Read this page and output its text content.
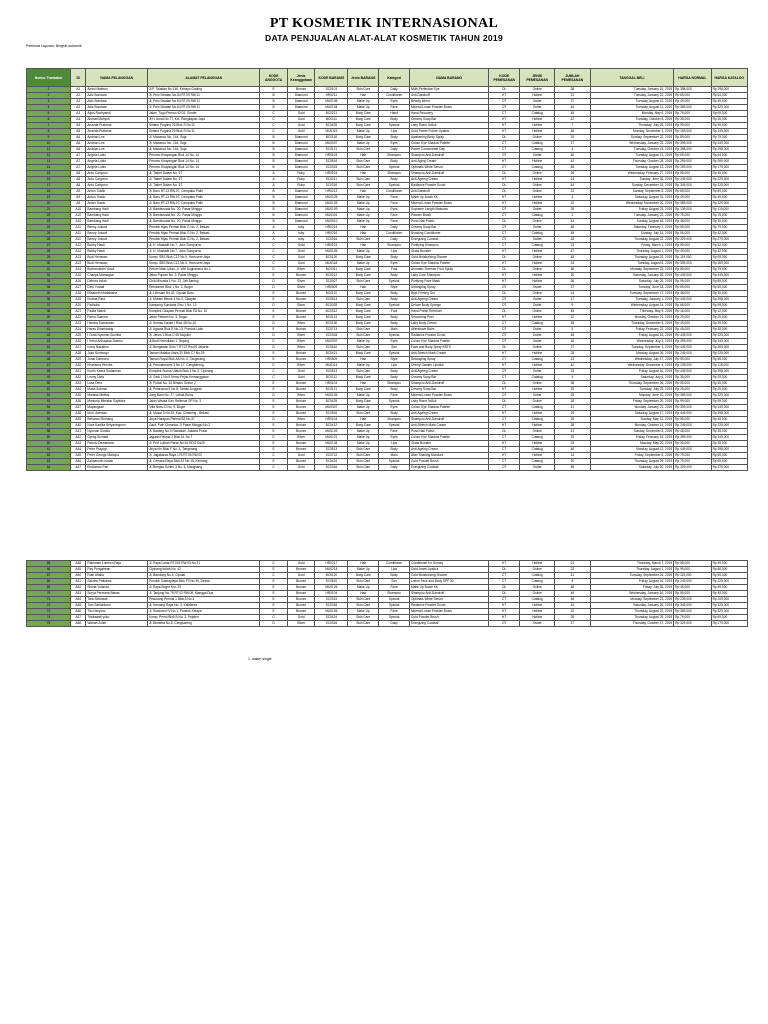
PT KOSMETIK INTERNASIONAL
DATA PENJUALAN ALAT-ALAT KOSMETIK TAHUN 2019
Pembuat Laporan: Ningsih sukarnik
Nomor Transaksi	ID	NAMA PELANGGAN	ALAMAT PELANGGAN	KODE ANGGOTA	Jenis Keanggotaan	KODE BARANG	Jenis BARANG	Kategori	NAMA BARANG	KODE PEMESANAN	JENIS PEMESANAN	JUMLAH PEMESANAN	TANGGAL BELI	HARGA NORMAL	HARGA KATALOG
1	A1	Abdul Malmun	Jl.P. Teladan No.146, Kebayo Gading	E	Bronze	SC0101	Skin Core	Daily	Multi-Perfection Eye	OL	Online	38	Tuesday, January 15, 2019	Rp 398,000	Rp 298,000
2	A2	Adiz Bondara	Jl. Pelo Selatan No.84 RT.09 RW.11	B	Diamond	HR0211	Hair	Conditioner	Anti-Dandruff	HT	Hotline	31	Tuesday, January 22, 2019	Rp 69,000	Rp 64,000
3	A2	Adiz Bondara	Jl. Pelo Selatan No.84 RT.09 RW.11	B	Diamond	MU0106	Make Up	Eyes	Beauty Mirror	OT	Outlet	37	Tuesday, August 11, 2020	Rp 49,000	Rp 49,000
4	A2	Adiz Bondara	Jl. Pelo Selatan No.84 RT.09 RW.11	B	Diamond	MU0104	Make Up	Face	Mineral Loose Powder Brush	OT	Outlet	44	Tuesday, August 11, 2020	Rp 389,000	Rp 329,000
5	A3	Agus Rochyandi	Jalan, Tugu Pemoo 92/31, Sunter	C	Gold	BC0211	Body Care	Hand	Hand Recovery	CT	Catalog	45	Monday, May 6, 2019	Rp 79,000	Rp 69,000
6	A4	Ahmad Mahyuri	Jl.H. Amat No.77, Kel. Rangkapan Jaya	C	Gold	BC0111	Body Care	Body	Creamy Soap Bar	HT	Hotline	42	Tuesday, October 8, 2019	Rp 35,000	Rp 35,000
7	A5	Ananda Pratama	Setiaru Pugaha 25 Blok S No.11	C	Gold	BC0425	Body Care	Special	Lady Razor 5x5ck	HT	Hotline	7	Thursday, July 25, 2019	Rp 99,000	Rp 99,000
8	A5	Ananda Pratama	Setiaru Pugaha 25 Blok S No.11	C	Gold	MU0119	Make Up	Lips	Gold Power Future Lipstick	HT	Hotline	46	Monday, December 2, 2019	Rp 159,000	Rp 149,000
9	A6	Andrian Lee	Jl. Mabanco No. 144, Soja	B	Diamond	BC0116	Body Care	Body	Awakening Body Spray	OL	Online	19	Sunday, September 22, 2019	Rp 89,000	Rp 79,000
10	A6	Andrian Lee	Jl. Mabanco No. 144, Soja	B	Diamond	MU0007	Make Up	Eyes	Colour Eye Shadow Palette	CT	Catalog	17	Wednesday, January 23, 2019	Rp 399,000	Rp 349,000
11	A6	Andrian Lee	Jl. Mabanco No. 144, Soja	B	Diamond	SC0121	Skin Core	Daily	Power Concentrate Day	CT	Catalog	4	Tuesday, October 15, 2019	Rp 398,000	Rp 298,000
12	A7	Angela Lubis	Perumo Khayangan Blok 14 No. 14	B	Diamond	HR0104	Hair	Shampoo	Shampoo Anti-Dandruff	OT	Outlet	40	Tuesday, August 13, 2019	Rp 69,000	Rp 64,000
13	A7	Angela Lubis	Perumo Khayangan Blok 14 No. 14	B	Diamond	SC0516	Skin Care	Body	Anti-Aging Cream	HT	Hotline	42	Thursday, October 28, 2019	Rp 299,000	Rp 269,000
14	A7	Angela Lubis	Perumo Khayangan Blok 14 No. 14	B	Diamond	SC0315	Skin Care	Special	Optimals White Serum	CT	Catalog	48	Tuesday, August 13, 2019	Rp 199,000	Rp 179,000
15	A8	Anto Cahyono	Jl. Tiabet Dalam No. 67	A	Ruby	HR0104	Hair	Shampoo	Shampoo Anti-Dandruff	OL	Online	26	Wednesday, February 27, 2019	Rp 55,000	Rp 45,000
16	A8	Anto Cahyono	Jl. Tiabet Dalam No. 67	A	Ruby	SC0211	Skin Care	Body	Anti-Ageing Cream	HT	Hotline	14	Sunday, June 30, 2019	Rp 249,000	Rp 229,000
17	A8	Anto Cahyono	Jl. Tiabet Dalam No. 67	A	Ruby	SC0316	Skin Care	Special	Radiance Powder Scrub	OL	Online	44	Sunday, December 15, 2019	Rp 349,000	Rp 325,000
18	A9	Anton Susilo	Jl. Baru RT.13 RW.07, Cempaka Putih	B	Diamond	HR0213	Hair	Conditioner	Anti-Dandruff	OL	Online	31	Sunday, September 8, 2019	Rp 69,000	Rp 69,000
19	A9	Anton Susilo	Jl. Baru RT.13 RW.07, Cempaka Putih	B	Diamond	MU0126	Make Up	Face	Make Up Brush Kit	HT	Hotline	3	Saturday, August 31, 2019	Rp 49,000	Rp 49,000
20	A9	Anton Susilo	Jl. Baru RT.13 RW.07, Cempaka Putih	B	Diamond	MU0105	Make Up	Face	Mineral Loose Powder Brush	HT	Hotline	22	Wednesday, November 20, 2019	Rp 389,000	Rp 329,000
21	A10	Bambang Hadi	Jl. Bambusuda No. 20, Pasar Minggu	B	Diamond	MU0109	Make Up	Eyes	Supreme Length Mascara	OT	Outlet	29	Friday, August 23, 2019	Rp 139,000	Rp 119,000
22	A10	Bambang Hadi	Jl. Bambusuda No. 20, Pasar Minggu	B	Diamond	MU0301	Make Up	Face	Powder Brush	CT	Catalog	2	Tuesday, January 22, 2019	Rp 75,000	Rp 75,000
23	A10	Bambang Hadi	Jl. Bambusuda No. 20, Pasar Minggu	B	Diamond	MU0510	Make Up	Face	Pond Nail Polish	OL	Online	43	Sunday, August 18, 2019	Rp 48,000	Rp 35,000
24	A11	Benny Jokowi	Perobik Hijau Permai Blok G No. 2, Bekasi	A	ruby	HR0214	Hair	Daily	Creamy Soap Bar	OT	Outlet	48	Saturday, February 2, 2019	Rp 99,000	Rp 79,000
25	A11	Benny Jokowi	Perobik Hijau Permai Blok G No. 2, Bekasi	A	ruby	HR0216	Hair	Conditioner	Boosting Conditioner	CT	Catalog	49	Sunday, July 14, 2019	Rp 55,000	Rp 42,000
26	A11	Benny Jokowi	Perobik Hijau Permai Blok G No. 2, Bekasi	A	ruby	SC0316	Skin Care	Daily	Energizing Cocktail	OT	Outlet	18	Thursday, August 22, 2019	Rp 329,000	Rp 279,000
27	A12	Bobby Hasti	Jl. H. Mustadir No.7, Joko Sompurno	C	Gold	HR0103	Hair	Shampoo	Fortifying Shampoo	CT	Catalog	23	Friday, March 1, 2019	Rp 59,000	Rp 52,000
28	A12	Bobby Hasti	Jl. H. Mustadir No.7, Joko Sompurno	C	Gold	MU0106	Make Up	Lips	Gloss Booster	HT	Hotline	47	Thursday, August 1, 2019	Rp 49,000	Rp 42,000
29	A13	Budi Herawan	Komp. SBS Blok C12 No.9, Ham.sem Jaya	C	Gold	BC0120	Body Care	Body	Gold Moisturizing Shower	OL	Online	48	Thursday, August 22, 2019	Rp 119,000	Rp 95,000
30	A13	Budi Herawan	Komp. SBS Blok C12 No.9, Ham.sem Jaya	C	Gold	MU0118	Make Up	Eyes	Colour Eye Shadow Palette	HT	Hotline	24	Tuesday, August 6, 2019	Rp 399,000	Rp 369,000
31	A14	Burhanuddin Yusuf	Perum Malu Udan, Jl. Wilt Sugiraheno No.1	D	Silver	BC0311	Body Care	Foot	Aromatic Summer Foot Spray	OL	Online	36	Monday, September 23, 2019	Rp 89,000	Rp 79,000
32	A15	Chairya Mamagaa	Jalan Puprari No. 3, Pasar Minggu	E	Bronze	BC0212	Body Care	Body	Lady Care Shampoo	HT	Hotline	20	Saturday, January 26, 2019	Rp 449,000	Rp 449,000
33	A16	Debora Indah	Cirla Mirunda 1 No. 23, Jati Bening	D	Silver	SC0307	Skin Care	Special	Purifying Face Mask	HT	Hotline	36	Saturday, July 20, 2019	Rp 95,000	Rp 89,000
34	A17	Devi Yustati	Rehniance Blok 1 No. 3, Bogor	D	Silver	HR0509	Hair	Style	Untangling Spray	OT	Outlet	37	Tuesday, June 18, 2019	Rp 69,000	Rp 59,000
35	A18	Elisabeth Madalasha	Jl. Lilimuan No.42, Cipulat Baru	E	Bronze	BC0110	Body Care	Body	Bust Firming Gel	OL	Online	14	Tuesday, September 17, 2019	Rp 48,000	Rp 35,000
36	A19	Endras Ried	Jl. Murani Meruk 4 No.0, Cikayan	E	Bronze	SC0513	Skin Care	Body	Anti-Ageing Cream	OT	Outlet	17	Tuesday, January 1, 2019	Rp 449,000	Rp 398,000
37	A20	Fadhulla	Kampung Sundaris Sinu 1 No. 13	D	Silver	BC0025	Body Care	Special	Deluxe Body Sponge	OT	Outlet	9	Wednesday, August 14, 2019	Rp 68,000	Rp 59,000
38	A21	Fadila Mahdi	Komplek Citayam Permai Blok E8 No. 10	E	Bronze	BC0312	Body Care	Foot	Hand Polish Remover	OL	Online	45	Thursday, May 9, 2019	Rp 16,000	Rp 12,000
39	A22	Farhu Suanea	Jalan Petiarm No. 3, Bogor	E	Bronze	BC0113	Body Care	Body	Smoothing Peel	HT	Hotline	12	Monday, October 21, 2019	Rp 29,000	Rp 25,000
40	A23	Hendra Sumarwan	Jl. Kemau Dalam I Blok 48 No.10	D	Silver	BC0130	Body Care	Body	Lady Body Cream	CT	Catalog	28	Thursday, December 5, 2019	Rp 49,000	Rp 39,000
41	A24	Heras Ditomarang	Jl. Agraria Blok E No.13, Pondok Labu	E	Bronze	SC0713	Skin Care	Main	Aftershave Balm	OT	Outlet	5	Friday, February 22, 2019	Rp 48,000	Rp 35,000
42	A25	I Gusti Nyoman Suchita	Jl. Jenes 1 Blok C 69 Mojokin	D	Silver	SC0318	Skin Care	Special	Radiance Powder Scrub	OT	Outlet	48	Friday, August 16, 2019	Rp 449,000	Rp 325,000
43	A26	I Ketut Arthayasa Dasmu	Jl.Budi Kemuliaan 1, Bojong	D	Silver	MU0307	Make Up	Eyes	Colour Eye Shadow Palette	OT	Outlet	18	Wednesday, July 3, 2019	Rp 399,000	Rp 349,000
44	A27	Ivony Nazation	Jl. Bengawan Solo 7 RT.07 Rw.09 Jakarta	D	Silver	SC0610	Skin Care	Sun	Face and Body Spray KBTS	OL	Online	27	Tuesday, September 3, 2019	Rp 449,000	Rp 369,000
45	A28	Joko Sumbogo	Taman Malaka Utara 20 Blok C7 No.39	E	Bronze	BC0421	Body Care	Special	Anti-Stretch Mark Cream	HT	Hotline	25	Monday, August 26, 2019	Rp 249,000	Rp 229,000
46	A29	Jonat Darmono	Taman Royal Blok AA No. 6, Tangerang	E	Bronze	HR0509	Hair	Style	Detangling Spray	CT	Catalog	13	Wednesday, July 17, 2019	Rp 59,000	Rp 55,000
47	A30	Kharisma Yennira	Jl. Permatoracre 3 No.17, Cengkareng	D	Silver	MU0114	Make Up	Lips	Cherry Garden Lipstick	HT	Hotline	42	Wednesday, December 4, 2019	Rp 139,000	Rp 119,000
48	A31	Kunto Keera Sudarman	Komplek Sunna Utaloh Blok J No.3, Cipinang	C	Gold	SC0513	Skin Care	Body	Anti-Ageing Cream	OT	Outlet	23	Friday, August 16, 2019	Rp 449,000	Rp 398,000
49	A32	Lenny Lista	Jl. Gedi 1 No.9 Kemp Pejak Kemanggisan	C	Gold	BC0111	Body Care	Body	Creamy Soap Bar	CT	Catalog	4	Saturday, July 6, 2019	Rp 35,000	Rp 29,000
50	A33	Lusa Dera	Jl. Pulsal Nu. 34 Bintaro Sektor 2	E	Bronze	HR0104	Hair	Shampoo	Shampoo Anti-Dandruff	OL	Online	38	Thursday, September 26, 2019	Rp 55,000	Rp 45,000
51	A34	Maria Sukmar	Jl. Pelbruuna 5 No.8, Taman Anggrek	E	Bronze	BC0121	Body Care	Body	Creamy Soap Bar	HT	Hotline	25	Tuesday, July 23, 2019	Rp 25,000	Rp 25,000
52	A35	Marissa Melisis	Jong Baru No. 77, Lebak Bulus	D	Silver	MU0106	Make Up	Face	Mineral Loose Powder Brush	OT	Outlet	29	Monday, June 10, 2019	Rp 389,000	Rp 329,000
53	A36	Markonp Mbristar Sayitdes	Jalan Wisata Kav. Bellevue SP No. 3	E	Bronze	BC0425	Body Care	Special	Lady Razor 5x5ck	OL	Online	18	Friday, September 20, 2019	Rp 99,000	Rp 99,000
54	A37	Mayangsari	Villa Nosu D No. 9, Bogor	E	Bronze	MU0307	Make Up	Eyes	Colour Eye Shadow Palette	CT	Catalog	41	Monday, January 21, 2019	Rp 399,000	Rp 349,000
55	A38	Moh. Adenlan	Jl. Mosar 3 No.33, Kav. Cimaning - Bekasi	E	Bronze	SC0516	Skin Care	Body	Anti-Ageing Cream	HT	Hotline	29	Saturday, August 17, 2019	Rp 449,000	Rp 398,000
56	A39	Beharan Sitohang	Jinya Harapan Permai B3 No.37	D	Silver	HR0104	Hair	Shampoo	Shampoo Anti-Dandruff	CT	Catalog	29	Sunday, May 12, 2019	Rp 55,000	Rp 45,000
57	A40	Nora Kartika Setyaningrum	Gant. Putri Cimanka, Jl Pasar Minggu No.2	E	Bronze	BC0412	Body Care	Special	Anti-Stretch Mark Cream	HT	Hotline	38	Monday, October 14, 2019	Rp 249,000	Rp 229,000
58	A41	Nyoman Susaid	Jl. Bacang No.3 Rawasari, Jakarta Pusat	E	Bronze	MU0103	Make Up	Face	Pond Nail Polish	OL	Online	41	Sunday, December 8, 2019	Rp 48,000	Rp 35,000
59	A42	Oprog Sumarti	Jagaan Palqua 2 Blok A1 No.7	D	Silver	MU0121	Make Up	Eyes	Colour Eye Shadow Palette	CT	Catalog	25	Friday, February 15, 2019	Rp 399,000	Rp 349,000
60	A43	Pabulu Dewantara	Jl. Prof Luthan Parse No.94 RDO Ka25	E	Bronze	MU0134	Make Up	Lips	Gloss Booster	HT	Hotline	23	Monday, May 20, 2019	Rp 35,000	Rp 35,000
61	A44	Peter Prayogi	Jinya Kin Blok F No. 4, Tangerang	E	Bronze	SC0513	Skin Care	Body	Anti-Ageing Cream	CT	Catalog	46	Monday, August 12, 2019	Rp 449,000	Rp 398,000
62	A45	Peter George Mahopo	Jl. Jagakarsa Raya 176 RT.05 RW.02	C	Gold	SC0712	Skin Care	Main	After Shaving Moisture	HT	Hotline	14	Friday, September 6, 2019	Rp 79,000	Rp 69,000
63	A46	Zaimarudin rustan	Jl. Cemara Raya Blok AT No.15, Kemang	E	Bronze	SC0424	Skin Care	Special	Gold Powder Brush	CT	Catalog	20	Thursday, August 29, 2019	Rp 79,000	Rp 69,000
64	A47	Endiamuz Pari	Jl. Bengka Suntru 3 No. 6, Mangsang	C	Gold	SC0316	Skin Care	Daily	Energizing Cocktail	OT	Outlet	59	Saturday, July 20, 2019	Rp 329,000	Rp 279,000
65	A48	Rakhman Lumbon Raja	Jl. Raya Loma RT.002 RW.03 No.21	C	Gold	HR0217	Hair	Conditioner	Conditioner for Greasy	HT	Hotline	21	Thursday, March 7, 2019	Rp 55,000	Rp 49,000
66	A49	Rey Pengabean	Cipinang Indah No. 42	E	Bronze	MU0218	Make Up	Lips	Gold Jewel Lipstick	OL	Online	22	Thursday, August 1, 2019	Rp 99,000	Rp 86,000
67	A50	Ruth Aftalia	Jl. Bandung No.5, Cipulat	C	Gold	BC0120	Body Care	Body	Gold Moisturizing Shower	CT	Catalog	41	Tuesday, September 24, 2019	Rp 119,000	Rp 95,000
68	A51	Sandra Prakarsa	Pondok Suariaptaya Blok F9 No.35, Depok	E	Bronze	SC0610	Skin Care	Sun	Lotion Face and Body SPF 30	CT	Catalog	5	Friday, August 16, 2019	Rp 249,000	Rp 229,000
69	A52	Shinta Yulanda	Jl. Raya Bogor Km. 29	E	Bronze	MU0126	Make Up	Face	Make Up Brush Kit	OL	Online	48	Friday, July 26, 2019	Rp 49,000	Rp 49,000
70	A53	Surya Permana Banas	Jl. Tanjung No.79 RT.02 RW.09, Mangga Dua	E	Bronze	HR0104	Hair	Shampoo	Shampoo Anti-Dandruff	OL	Online	46	Wednesday, January 16, 2019	Rp 55,000	Rp 45,000
71	A54	Tara Setiowati	Pesukang Permai 1 Blok A No.4	E	Bronze	SC0315	Skin Care	Special	Optimals White Serum	CT	Catalog	48	Monday, September 23, 2019	Rp 239,000	Rp 209,000
72	A55	Tom Santantono	Jl. Kemang Raya No. 3, Kaliderea	E	Bronze	SC0318	Skin Care	Special	Radiance Powder Scrub	HT	Hotline	44	Saturday, January 26, 2019	Rp 349,000	Rp 325,000
73	A56	Tito Haryono	Jl. Suskoreo IV No.1, Pondok Kelapa	E	Bronze	MU0106	Make Up	Face	Mineral Loose Powder Brush	HT	Hotline	22	Thursday, August 22, 2019	Rp 389,000	Rp 329,000
74	A57	Tristiawati yoko	Komp. Permi Blok B No. 3, Pejaten	C	Gold	SC0424	Skin Care	Special	Gold Powder Brush	HT	Hotline	29	Thursday, August 29, 2019	Rp 79,000	Rp 69,000
75	A58	Wahan Zulkfi	Jl. Benama No.5, Cengkareng	D	Silver	SC0316	Skin Care	Daily	Energizing Cocktail	OT	Outlet	17	Thursday, October 17, 2019	Rp 329,000	Rp 279,000
1. dalam single
